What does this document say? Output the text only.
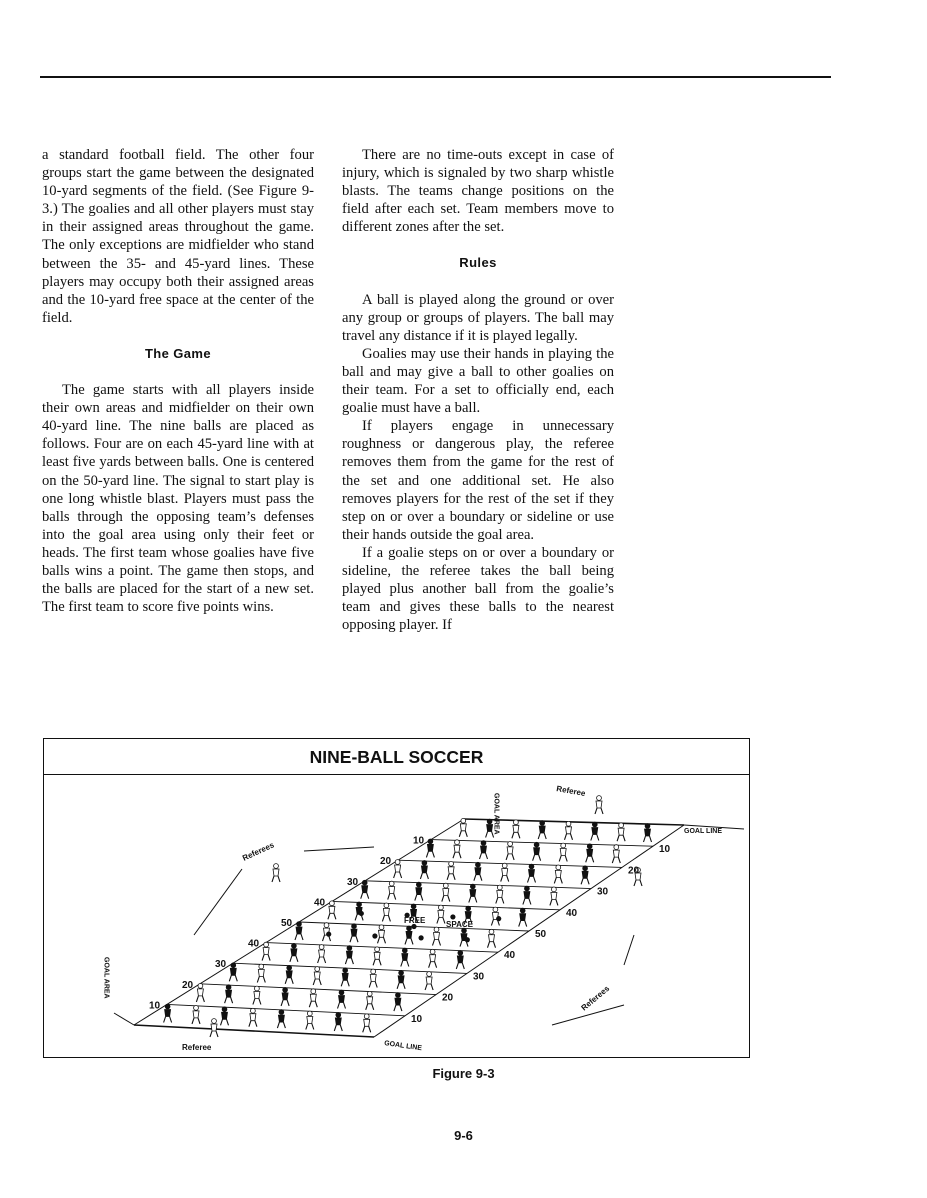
a standard football field. The other four groups start the game between the designated 10-yard segments of the field. (See Figure 9-3.) The goalies and all other players must stay in their assigned areas throughout the game. The only exceptions are midfielder who stand between the 35- and 45-yard lines. These players may occupy both their assigned areas and the 10-yard free space at the center of the field.

The Game

The game starts with all players inside their own areas and midfielder on their own 40-yard line. The nine balls are placed as follows. Four are on each 45-yard line with at least five yards between balls. One is centered on the 50-yard line. The signal to start play is one long whistle blast. Players must pass the balls through the opposing team’s defenses into the goal area using only their feet or heads. The first team whose goalies have five balls wins a point. The game then stops, and the balls are placed for the start of a new set. The first team to score five points wins.

There are no time-outs except in case of injury, which is signaled by two sharp whistle blasts. The teams change positions on the field after each set. Team members move to different zones after the set.

Rules

A ball is played along the ground or over any group or groups of players. The ball may travel any distance if it is played legally.

Goalies may use their hands in playing the ball and may give a ball to other goalies on their team. For a set to officially end, each goalie must have a ball.

If players engage in unnecessary roughness or dangerous play, the referee removes them from the game for the rest of the set and one additional set. He also removes players for the rest of the set if they step on or over a boundary or sideline or use their hands outside the goal area.

If a goalie steps on or over a boundary or sideline, the referee takes the ball being played plus another ball from the goalie’s team and gives these balls to the nearest opposing player. If

NINE-BALL SOCCER
10
10
20
20
30
30
40
40
50
50
40
40
30
30
20
20
10
10
FREE	SPACE
Referee
Referee
Referees
Referees
GOAL LINE
GOAL LINE
GOAL AREA
GOAL AREA
Figure 9-3
9-6
